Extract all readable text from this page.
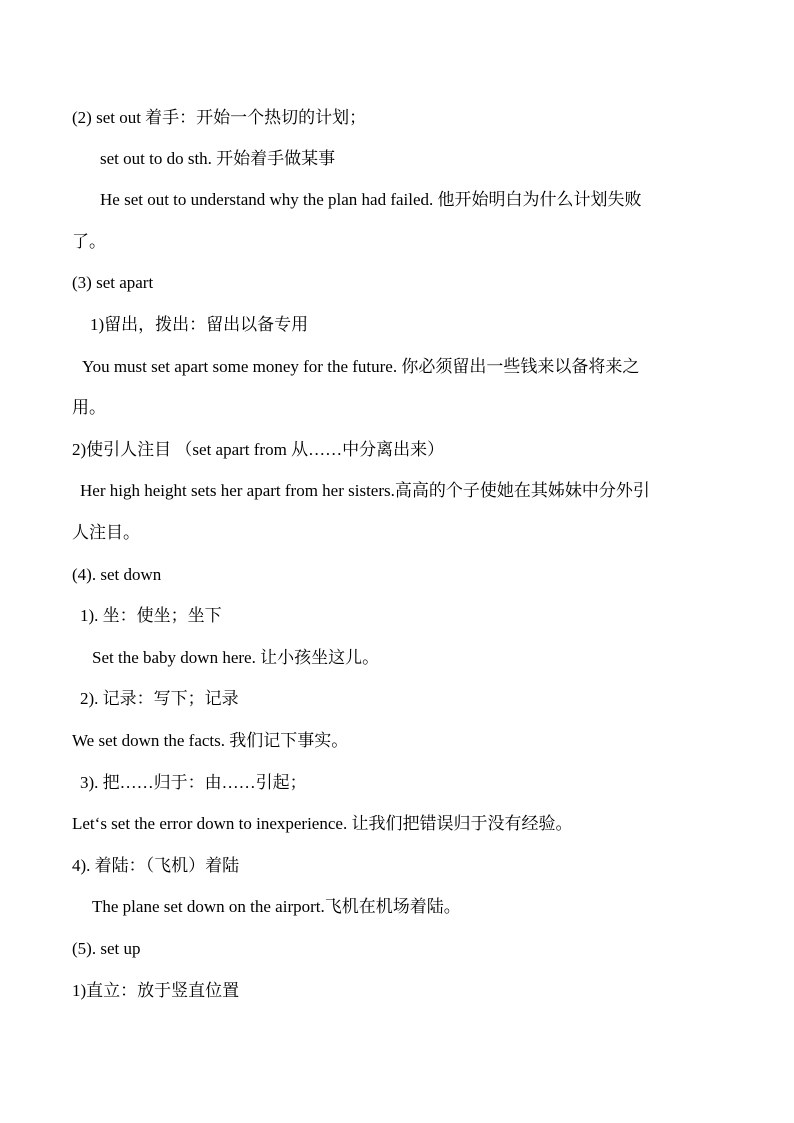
(2) set out 着手：开始一个热切的计划；
set out to do sth. 开始着手做某事
He set out to understand why the plan had failed. 他开始明白为什么计划失败
了。
(3) set apart
1)留出，拨出：留出以备专用
You must set apart some money for the future. 你必须留出一些钱来以备将来之
用。
2)使引人注目 （set apart from 从……中分离出来）
Her high height sets her apart from her sisters.高高的个子使她在其姊妹中分外引
人注目。
(4). set down
1). 坐：使坐；坐下
Set the baby down here. 让小孩坐这儿。
2). 记录：写下；记录
We set down the facts. 我们记下事实。
3). 把……归于：由……引起；
Let‘s set the error down to inexperience. 让我们把错误归于没有经验。
4). 着陆：（飞机）着陆
The plane set down on the airport.飞机在机场着陆。
(5). set up
1)直立：放于竖直位置
